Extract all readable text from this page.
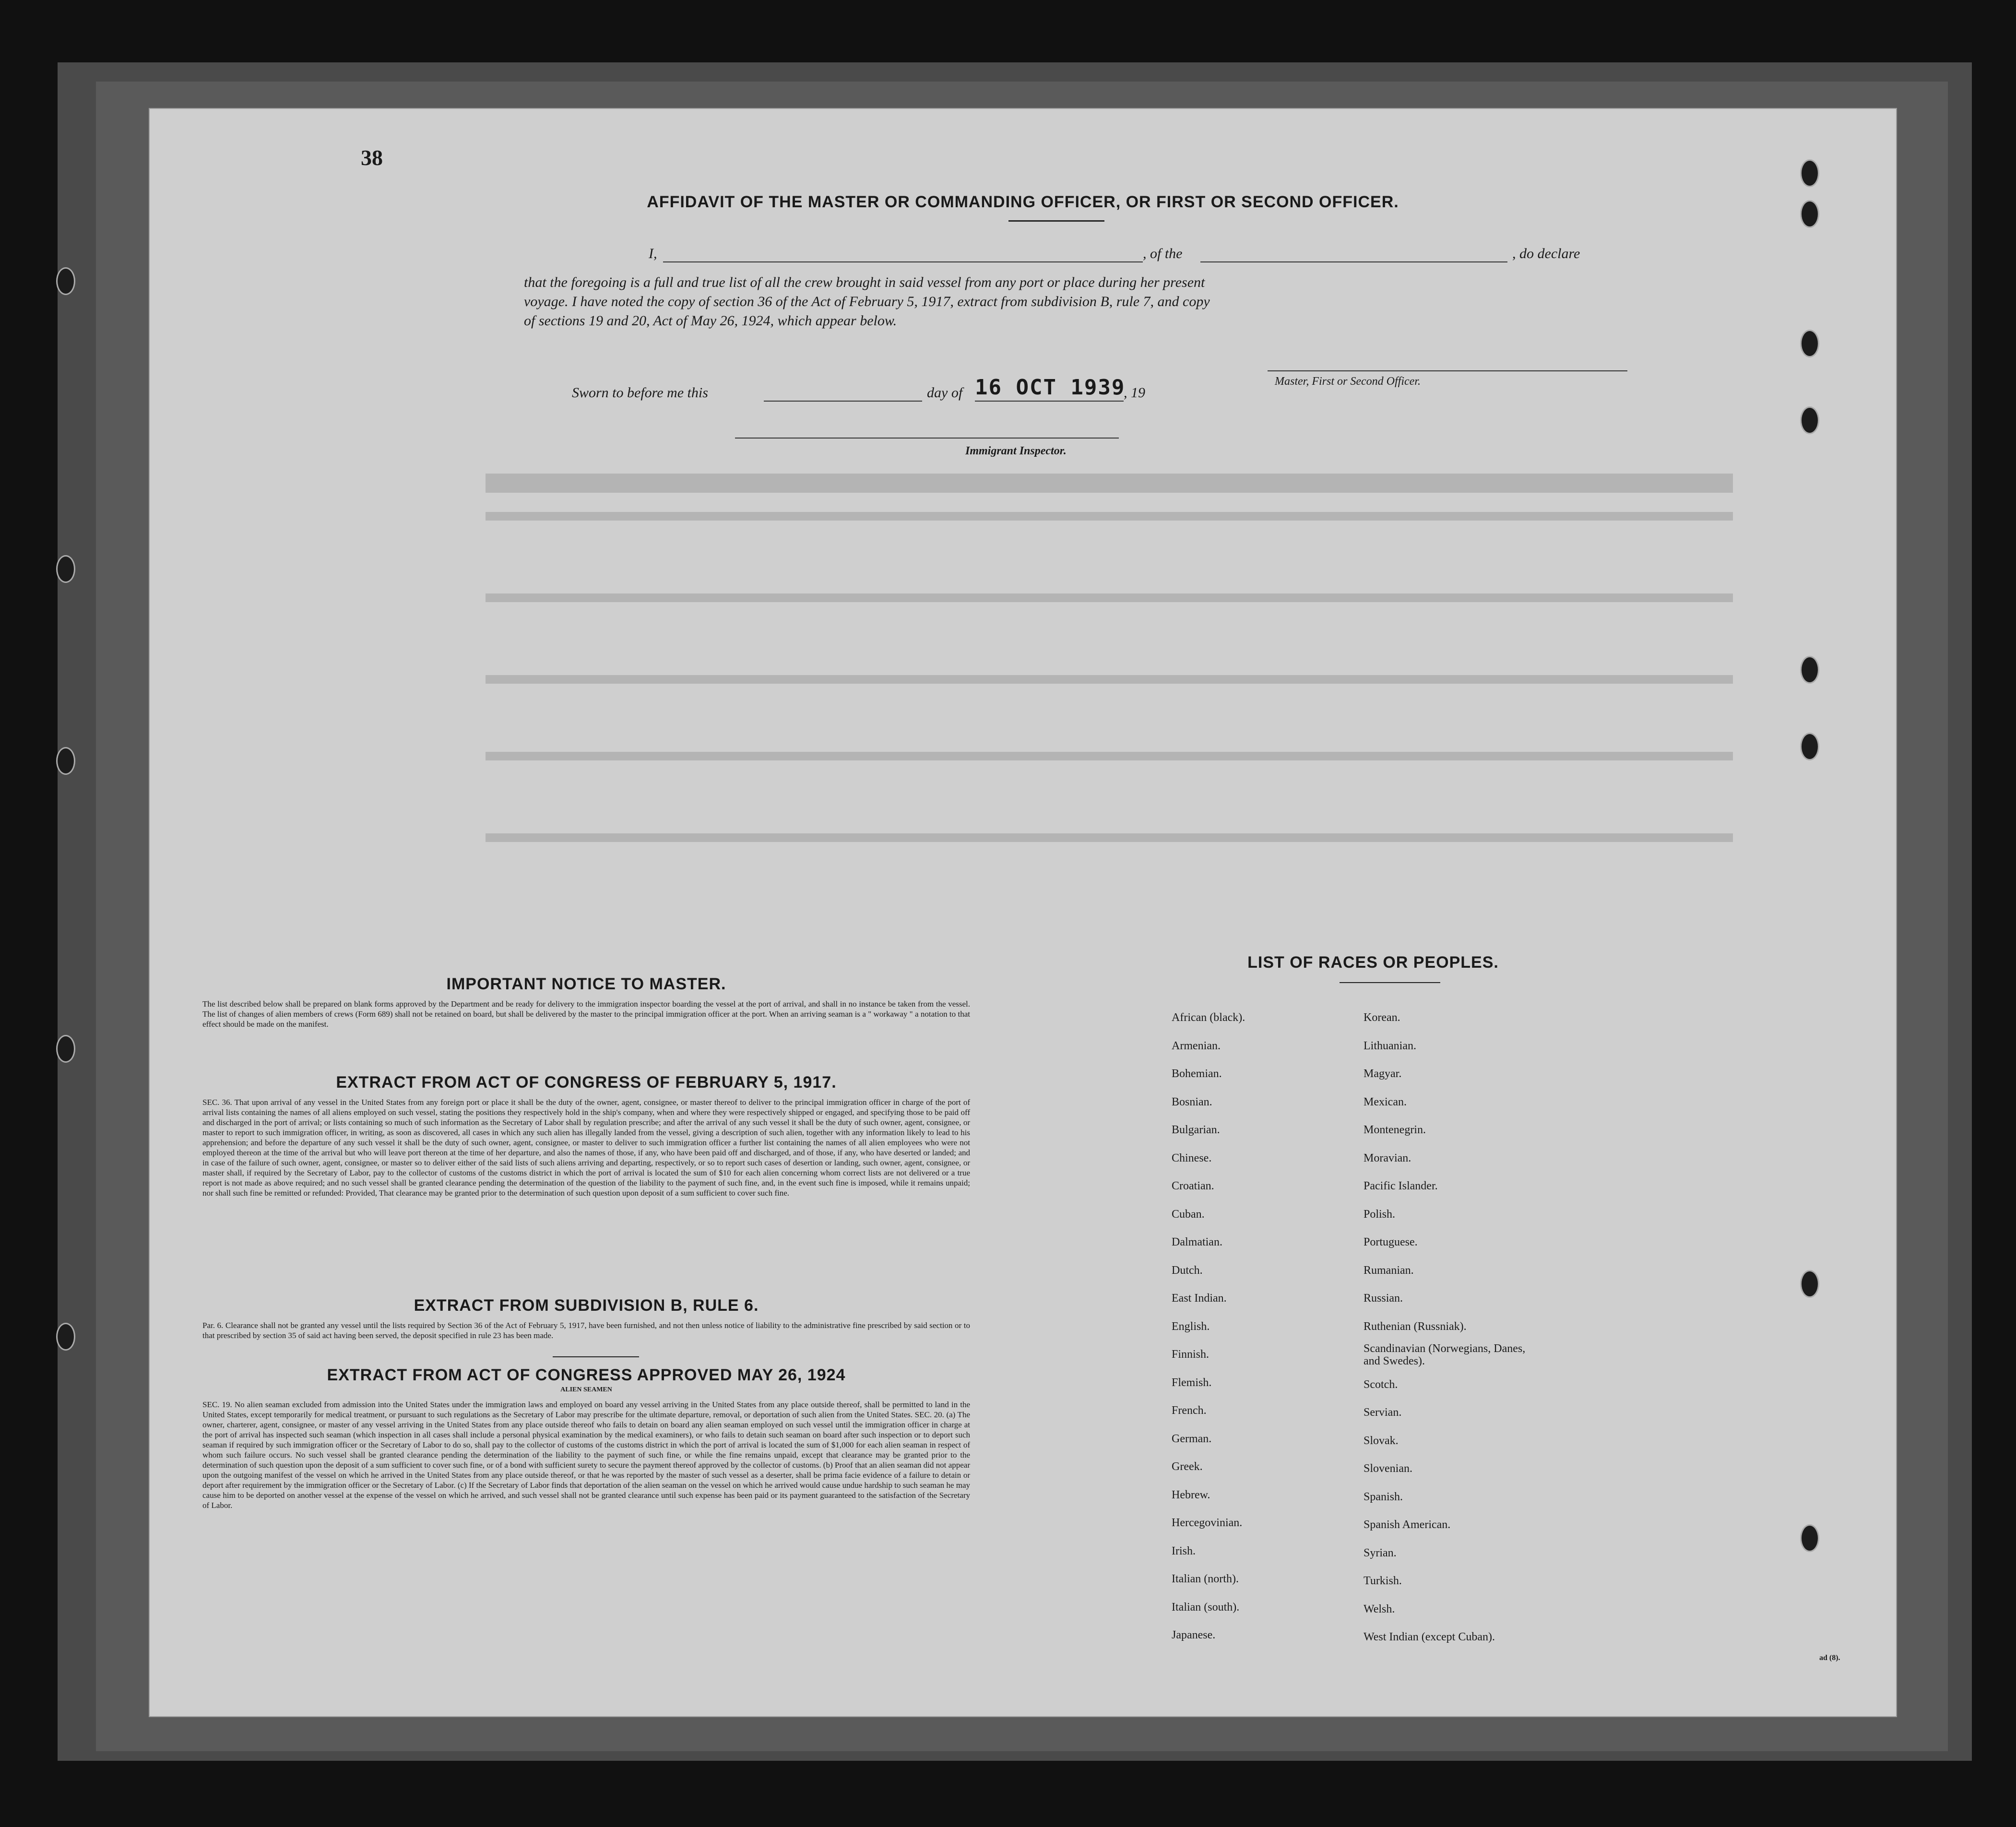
38
AFFIDAVIT OF THE MASTER OR COMMANDING OFFICER, OR FIRST OR SECOND OFFICER.
I,	, of the	, do declare
that the foregoing is a full and true list of all the crew brought in said vessel from any port or place during her present
voyage. I have noted the copy of section 36 of the Act of February 5, 1917, extract from subdivision B, rule 7, and copy
of sections 19 and 20, Act of May 26, 1924, which appear below.
Sworn to before me this	day of 16 OCT 1939
, 19
Master, First or Second Officer.
Immigrant Inspector.
IMPORTANT NOTICE TO MASTER.
The list described below shall be prepared on blank forms approved by the Department and be ready for delivery to the immigration inspector boarding the vessel at the port of arrival, and shall in no instance be taken from the vessel. The list of changes of alien members of crews (Form 689) shall not be retained on board, but shall be delivered by the master to the principal immigration officer at the port. When an arriving seaman is a " workaway " a notation to that effect should be made on the manifest.
EXTRACT FROM ACT OF CONGRESS OF FEBRUARY 5, 1917.
SEC. 36. That upon arrival of any vessel in the United States from any foreign port or place it shall be the duty of the owner, agent, consignee, or master thereof to deliver to the principal immigration officer in charge of the port of arrival lists containing the names of all aliens employed on such vessel, stating the positions they respectively hold in the ship's company, when and where they were respectively shipped or engaged, and specifying those to be paid off and discharged in the port of arrival; or lists containing so much of such information as the Secretary of Labor shall by regulation prescribe; and after the arrival of any such vessel it shall be the duty of such owner, agent, consignee, or master to report to such immigration officer, in writing, as soon as discovered, all cases in which any such alien has illegally landed from the vessel, giving a description of such alien, together with any information likely to lead to his apprehension; and before the departure of any such vessel it shall be the duty of such owner, agent, consignee, or master to deliver to such immigration officer a further list containing the names of all alien employees who were not employed thereon at the time of the arrival but who will leave port thereon at the time of her departure, and also the names of those, if any, who have been paid off and discharged, and of those, if any, who have deserted or landed; and in case of the failure of such owner, agent, consignee, or master so to deliver either of the said lists of such aliens arriving and departing, respectively, or so to report such cases of desertion or landing, such owner, agent, consignee, or master shall, if required by the Secretary of Labor, pay to the collector of customs of the customs district in which the port of arrival is located the sum of $10 for each alien concerning whom correct lists are not delivered or a true report is not made as above required; and no such vessel shall be granted clearance pending the determination of the question of the liability to the payment of such fine, and, in the event such fine is imposed, while it remains unpaid; nor shall such fine be remitted or refunded: Provided, That clearance may be granted prior to the determination of such question upon deposit of a sum sufficient to cover such fine.
EXTRACT FROM SUBDIVISION B, RULE 6.
Par. 6. Clearance shall not be granted any vessel until the lists required by Section 36 of the Act of February 5, 1917, have been furnished, and not then unless notice of liability to the administrative fine prescribed by said section or to that prescribed by section 35 of said act having been served, the deposit specified in rule 23 has been made.
EXTRACT FROM ACT OF CONGRESS APPROVED MAY 26, 1924
ALIEN SEAMEN
SEC. 19. No alien seaman excluded from admission into the United States under the immigration laws and employed on board any vessel arriving in the United States from any place outside thereof, shall be permitted to land in the United States, except temporarily for medical treatment, or pursuant to such regulations as the Secretary of Labor may prescribe for the ultimate departure, removal, or deportation of such alien from the United States. SEC. 20. (a) The owner, charterer, agent, consignee, or master of any vessel arriving in the United States from any place outside thereof who fails to detain on board any alien seaman employed on such vessel until the immigration officer in charge at the port of arrival has inspected such seaman (which inspection in all cases shall include a personal physical examination by the medical examiners), or who fails to detain such seaman on board after such inspection or to deport such seaman if required by such immigration officer or the Secretary of Labor to do so, shall pay to the collector of customs of the customs district in which the port of arrival is located the sum of $1,000 for each alien seaman in respect of whom such failure occurs. No such vessel shall be granted clearance pending the determination of the liability to the payment of such fine, or while the fine remains unpaid, except that clearance may be granted prior to the determination of such question upon the deposit of a sum sufficient to cover such fine, or of a bond with sufficient surety to secure the payment thereof approved by the collector of customs. (b) Proof that an alien seaman did not appear upon the outgoing manifest of the vessel on which he arrived in the United States from any place outside thereof, or that he was reported by the master of such vessel as a deserter, shall be prima facie evidence of a failure to detain or deport after requirement by the immigration officer or the Secretary of Labor. (c) If the Secretary of Labor finds that deportation of the alien seaman on the vessel on which he arrived would cause undue hardship to such seaman he may cause him to be deported on another vessel at the expense of the vessel on which he arrived, and such vessel shall not be granted clearance until such expense has been paid or its payment guaranteed to the satisfaction of the Secretary of Labor.
LIST OF RACES OR PEOPLES.
African (black).
Armenian.
Bohemian.
Bosnian.
Bulgarian.
Chinese.
Croatian.
Cuban.
Dalmatian.
Dutch.
East Indian.
English.
Finnish.
Flemish.
French.
German.
Greek.
Hebrew.
Hercegovinian.
Irish.
Italian (north).
Italian (south).
Japanese.
Korean.
Lithuanian.
Magyar.
Mexican.
Montenegrin.
Moravian.
Pacific Islander.
Polish.
Portuguese.
Rumanian.
Russian.
Ruthenian (Russniak).
Scandinavian (Norwegians, Danes, and Swedes).
Scotch.
Servian.
Slovak.
Slovenian.
Spanish.
Spanish American.
Syrian.
Turkish.
Welsh.
West Indian (except Cuban).
ad (8).
